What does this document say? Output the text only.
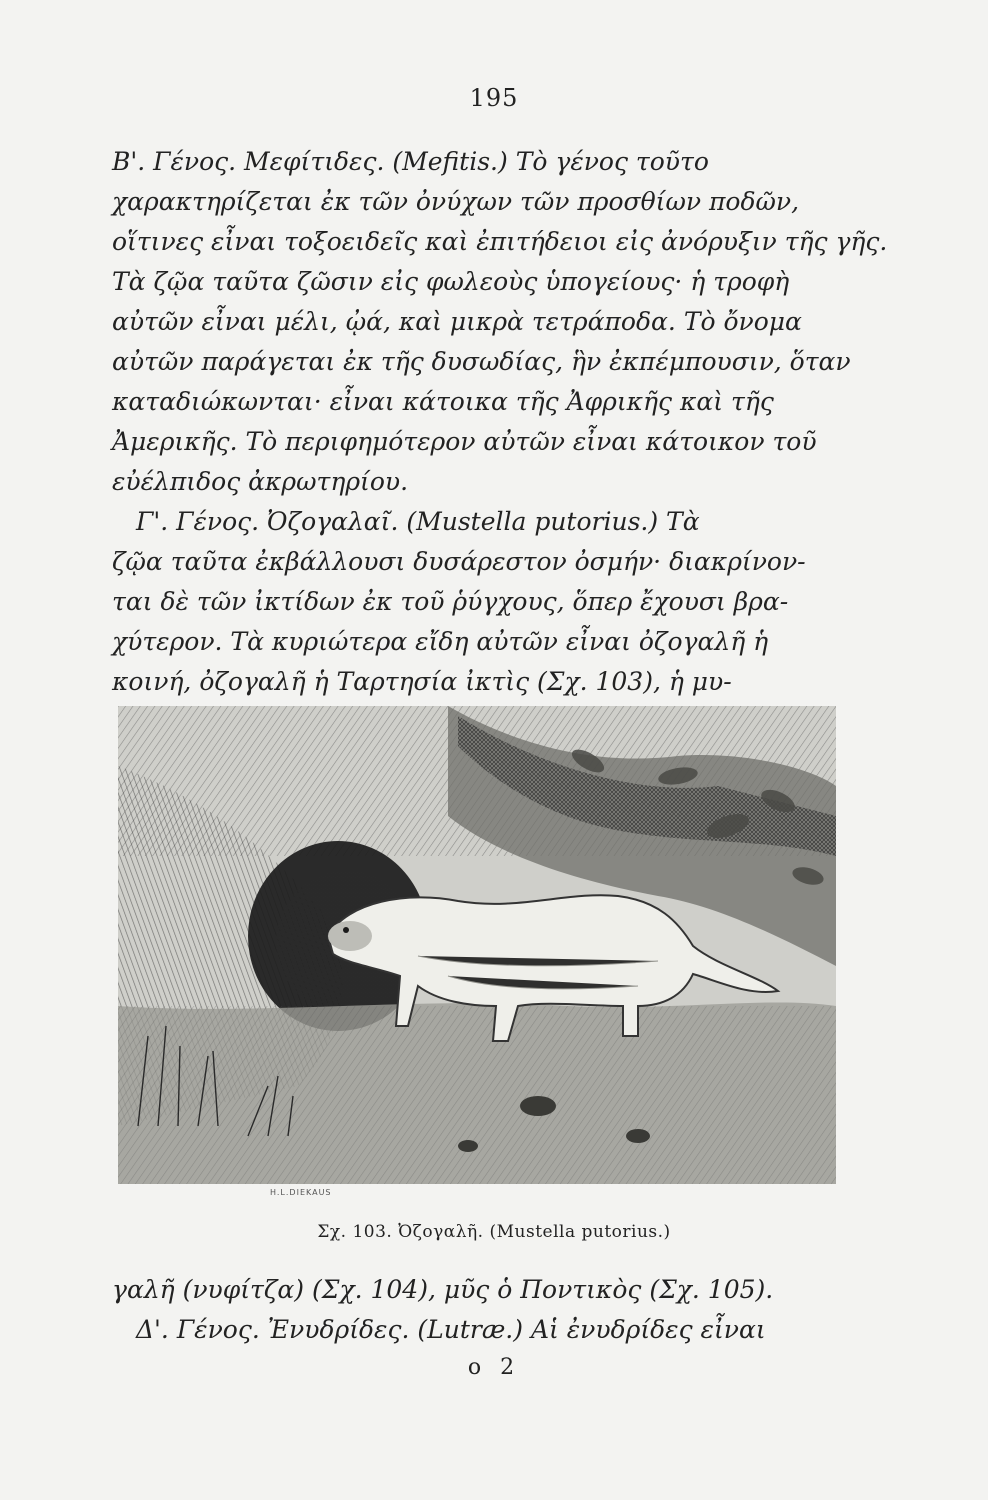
195
Β'. Γένος. Μεφίτιδες. (Mefitis.) Τὸ γένος τοῦτο
χαρακτηρίζεται ἐκ τῶν ὀνύχων τῶν προσθίων ποδῶν,
οἵτινες εἶναι τοξοειδεῖς καὶ ἐπιτήδειοι εἰς ἀνόρυξιν τῆς γῆς.
Τὰ ζῷα ταῦτα ζῶσιν εἰς φωλεοὺς ὑπογείους· ἡ τροφὴ
αὐτῶν εἶναι μέλι, ᾠά, καὶ μικρὰ τετράποδα. Τὸ ὄνομα
αὐτῶν παράγεται ἐκ τῆς δυσωδίας, ἣν ἐκπέμπουσιν, ὅταν
καταδιώκωνται· εἶναι κάτοικα τῆς Ἀφρικῆς καὶ τῆς
Ἀμερικῆς. Τὸ περιφημότερον αὐτῶν εἶναι κάτοικον τοῦ
εὐέλπιδος ἀκρωτηρίου.
Γ'. Γένος. Ὀζογαλαῖ. (Mustella putorius.) Τὰ
ζῷα ταῦτα ἐκβάλλουσι δυσάρεστον ὀσμήν· διακρίνον-
ται δὲ τῶν ἰκτίδων ἐκ τοῦ ῥύγχους, ὅπερ ἔχουσι βρα-
χύτερον. Τὰ κυριώτερα εἴδη αὐτῶν εἶναι ὀζογαλῆ ἡ
κοινή, ὀζογαλῆ ἡ Ταρτησία ἰκτὶς (Σχ. 103), ἡ μυ-
H.L.DIEKAUS
Σχ. 103. Ὀζογαλῆ. (Mustella putorius.)
γαλῆ (νυφίτζα) (Σχ. 104), μῦς ὁ Ποντικὸς (Σχ. 105).
Δ'. Γένος. Ἐνυδρίδες. (Lutræ.) Αἱ ἐνυδρίδες εἶναι
o 2
